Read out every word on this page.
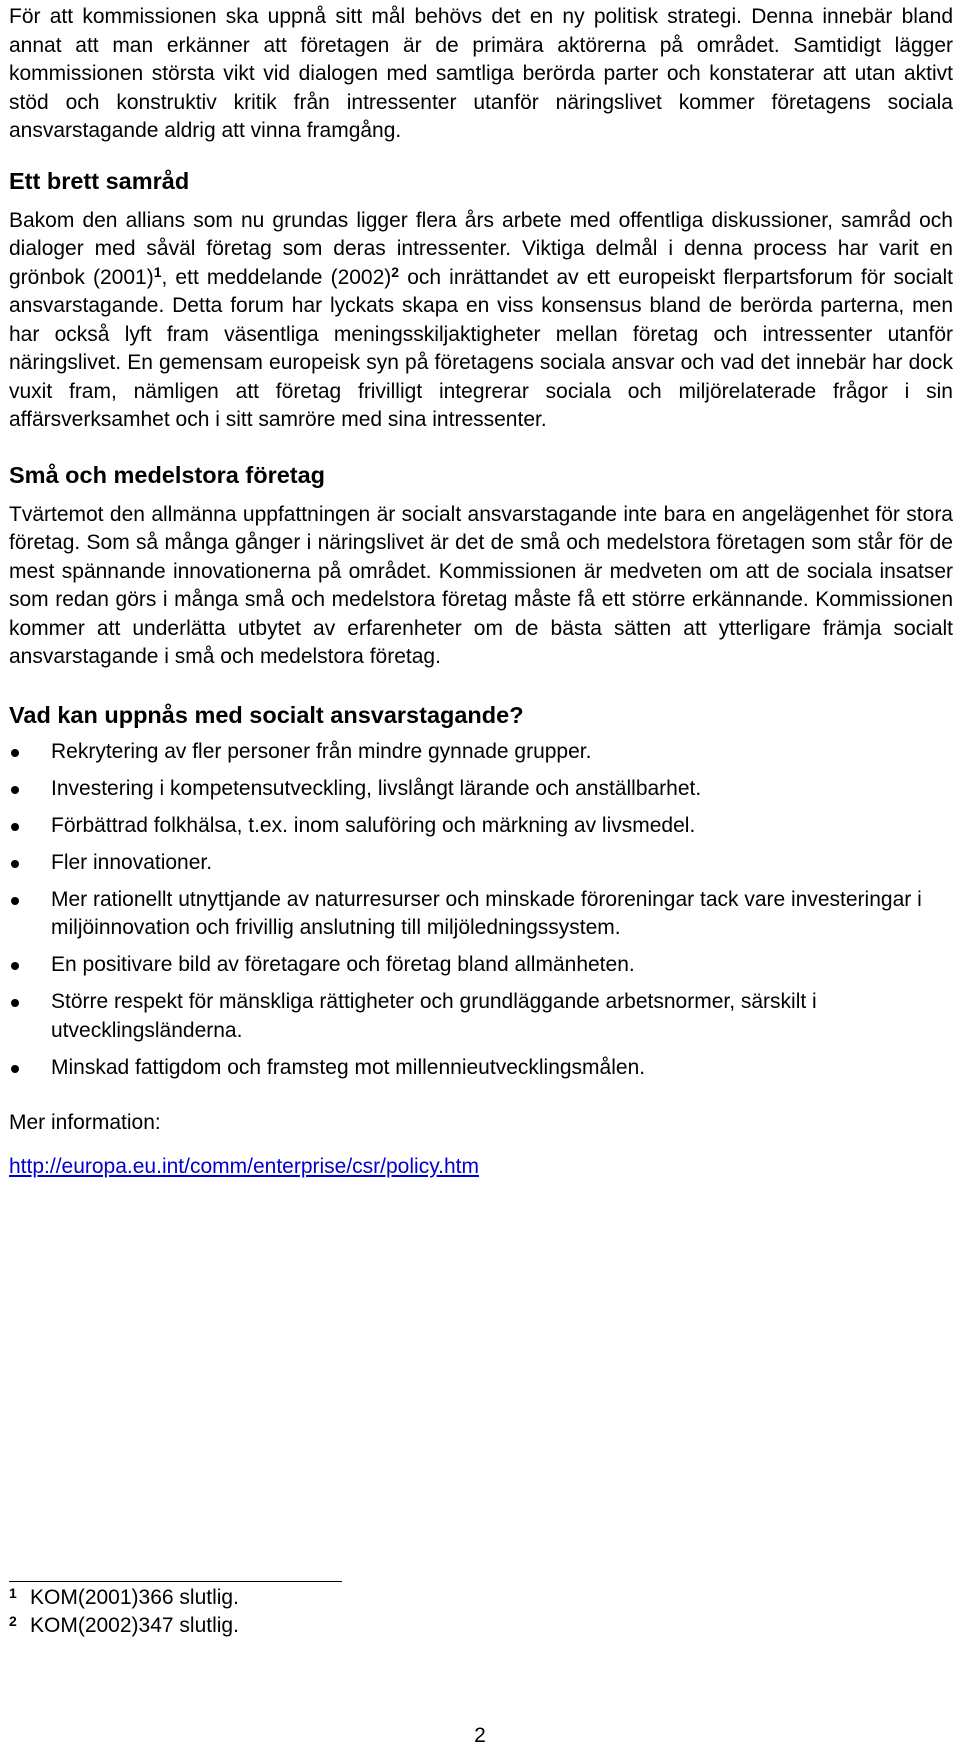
För att kommissionen ska uppnå sitt mål behövs det en ny politisk strategi. Denna innebär bland annat att man erkänner att företagen är de primära aktörerna på området. Samtidigt lägger kommissionen största vikt vid dialogen med samtliga berörda parter och konstaterar att utan aktivt stöd och konstruktiv kritik från intressenter utanför näringslivet kommer företagens sociala ansvarstagande aldrig att vinna framgång.

Ett brett samråd

Bakom den allians som nu grundas ligger flera års arbete med offentliga diskussioner, samråd och dialoger med såväl företag som deras intressenter. Viktiga delmål i denna process har varit en grönbok $(2001)^1$, ett meddelande $(2002)^2$ och inrättandet av ett europeiskt flerpartsforum för socialt ansvarstagande. Detta forum har lyckats skapa en viss konsensus bland de berörda parterna, men har också lyft fram väsentliga meningsskiljaktigheter mellan företag och intressenter utanför näringslivet. En gemensam europeisk syn på företagens sociala ansvar och vad det innebär har dock vuxit fram, nämligen att företag frivilligt integrerar sociala och miljörelaterade frågor i sin affärsverksamhet och i sitt samröre med sina intressenter.

Små och medelstora företag

Tvärtemot den allmänna uppfattningen är socialt ansvarstagande inte bara en angelägenhet för stora företag. Som så många gånger i näringslivet är det de små och medelstora företagen som står för de mest spännande innovationerna på området. Kommissionen är medveten om att de sociala insatser som redan görs i många små och medelstora företag måste få ett större erkännande. Kommissionen kommer att underlätta utbytet av erfarenheter om de bästa sätten att ytterligare främja socialt ansvarstagande i små och medelstora företag.

Vad kan uppnås med socialt ansvarstagande?
Rekrytering av fler personer från mindre gynnade grupper.
Investering i kompetensutveckling, livslångt lärande och anställbarhet.
Förbättrad folkhälsa, t.ex. inom saluföring och märkning av livsmedel.
Fler innovationer.
Mer rationellt utnyttjande av naturresurser och minskade föroreningar tack vare investeringar i miljöinnovation och frivillig anslutning till miljöledningssystem.
En positivare bild av företagare och företag bland allmänheten.
Större respekt för mänskliga rättigheter och grundläggande arbetsnormer, särskilt i utvecklingsländerna.
Minskad fattigdom och framsteg mot millennieutvecklingsmålen.

Mer information:

http://europa.eu.int/comm/enterprise/csr/policy.htm
1 KOM(2001)366 slutlig.
2 KOM(2002)347 slutlig.
2
